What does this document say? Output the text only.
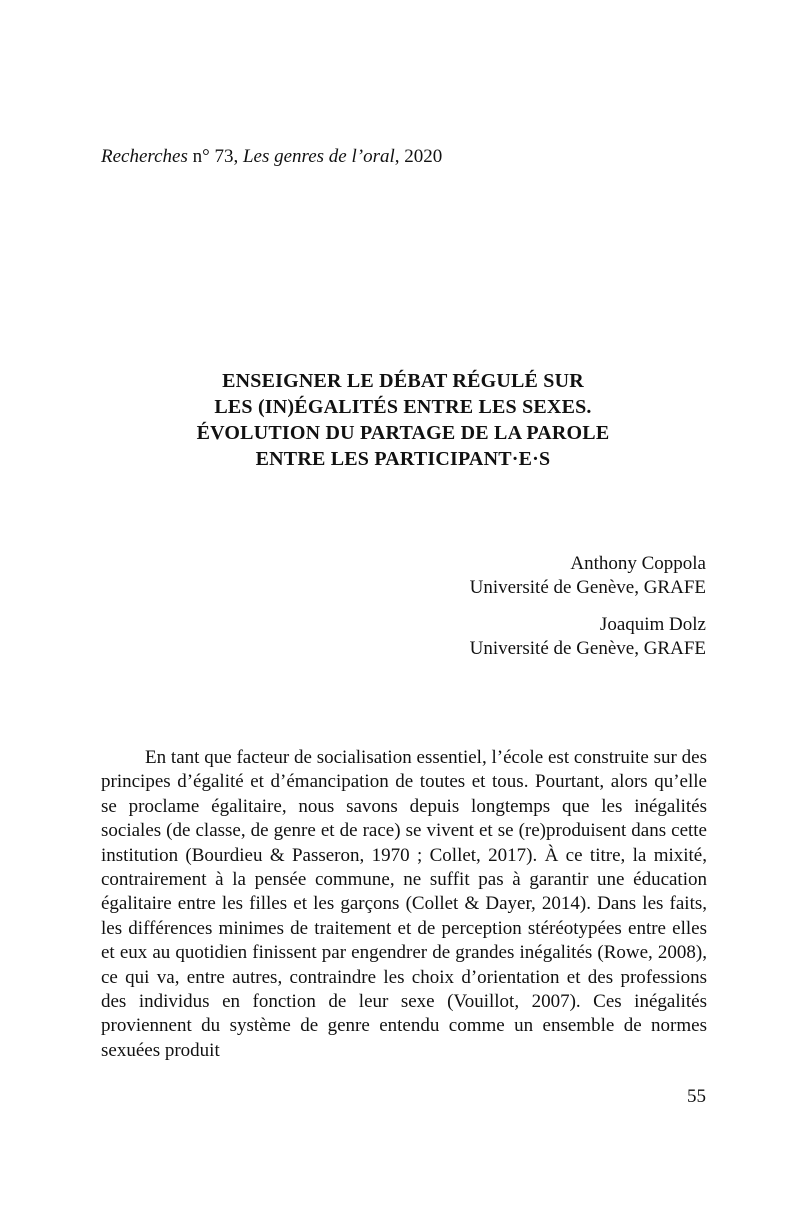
Recherches n° 73, Les genres de l’oral, 2020
ENSEIGNER LE DÉBAT RÉGULÉ SUR
LES (IN)ÉGALITÉS ENTRE LES SEXES.
ÉVOLUTION DU PARTAGE DE LA PAROLE
ENTRE LES PARTICIPANT·E·S
Anthony Coppola
Université de Genève, GRAFE
Joaquim Dolz
Université de Genève, GRAFE

En tant que facteur de socialisation essentiel, l’école est construite sur des principes d’égalité et d’émancipation de toutes et tous. Pourtant, alors qu’elle se proclame égalitaire, nous savons depuis longtemps que les inégalités sociales (de classe, de genre et de race) se vivent et se (re)produisent dans cette institution (Bourdieu & Passeron, 1970 ; Collet, 2017). À ce titre, la mixité, contrairement à la pensée commune, ne suffit pas à garantir une éducation égalitaire entre les filles et les garçons (Collet & Dayer, 2014). Dans les faits, les différences minimes de traitement et de perception stéréotypées entre elles et eux au quotidien finissent par engendrer de grandes inégalités (Rowe, 2008), ce qui va, entre autres, contraindre les choix d’orientation et des professions des individus en fonction de leur sexe (Vouillot, 2007). Ces inégalités proviennent du système de genre entendu comme un ensemble de normes sexuées produit

55
